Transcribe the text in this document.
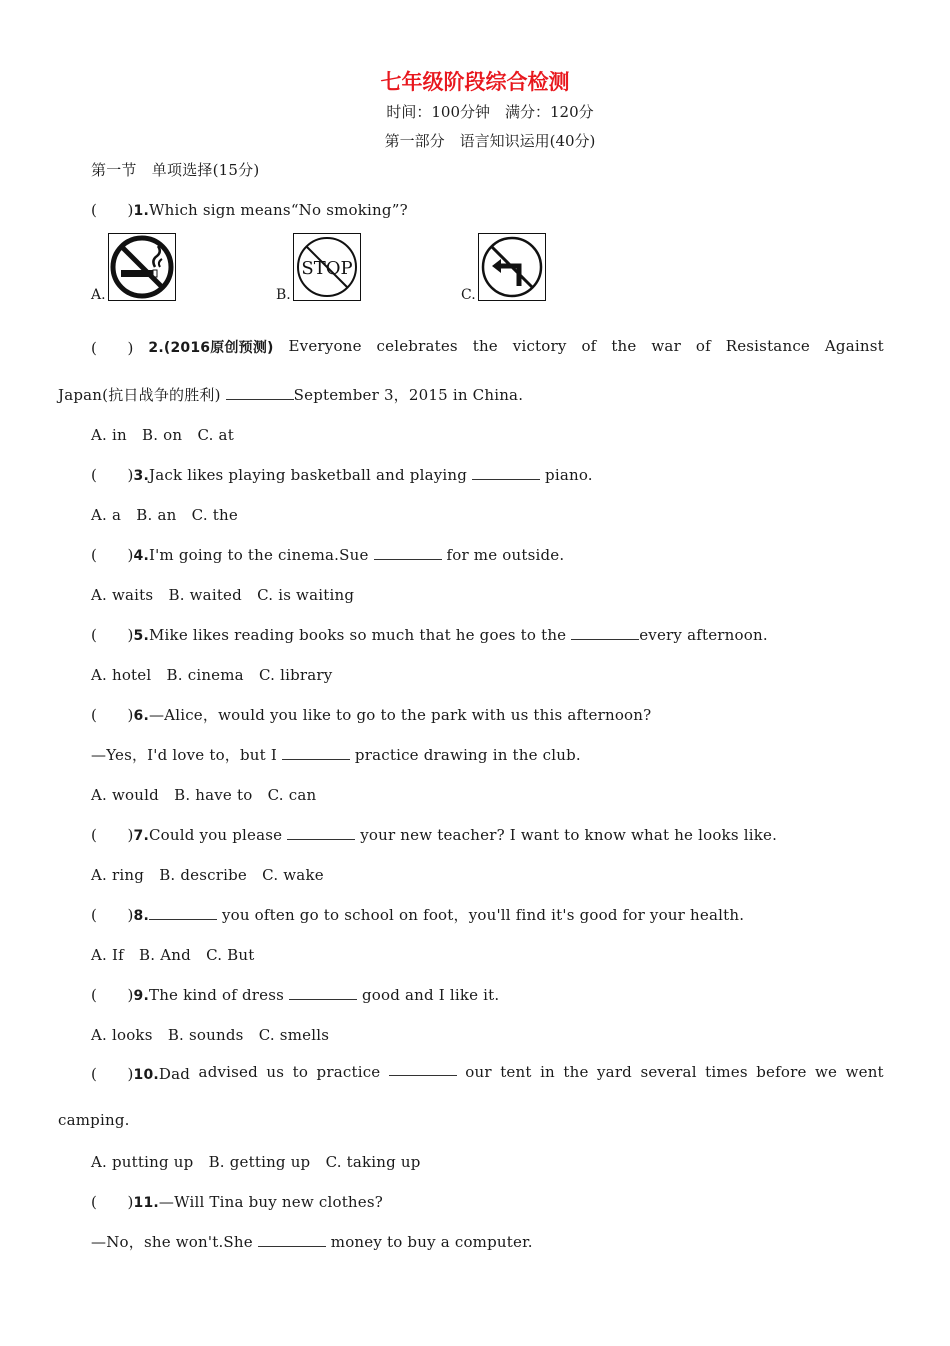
七年级阶段综合检测
时间：100分钟　满分：120分
第一部分　语言知识运用(40分)
第一节　单项选择(15分)
(　　)1.Which sign means“No smoking”?
A.	B.
STOP
C.
(　　) 2.(2016原创预测) Everyone celebrates the victory of the war of Resistance Against
Japan(抗日战争的胜利)	September 3，2015 in China.
A. in　B. on　C. at
(　　)3.Jack likes playing basketball and playing	piano.
A. a　B. an　C. the
(　　)4.I'm going to the cinema.Sue	for me outside.
A. waits　B. waited　C. is waiting
(　　)5.Mike likes reading books so much that he goes to the	every afternoon.
A. hotel　B. cinema　C. library
(　　)6.—Alice，would you like to go to the park with us this afternoon?
—Yes，I'd love to，but I	practice drawing in the club.
A. would　B. have to　C. can
(　　)7.Could you please	your new teacher? I want to know what he looks like.
A. ring　B. describe　C. wake
(　　)8.	you often go to school on foot，you'll find it's good for your health.
A. If　B. And　C. But
(　　)9.The kind of dress	good and I like it.
A. looks　B. sounds　C. smells
(　　)10.Dad advised us to practice	our tent in the yard several times before we went
camping.
A. putting up　B. getting up　C. taking up
(　　)11.—Will Tina buy new clothes?
—No，she won't.She	money to buy a computer.
